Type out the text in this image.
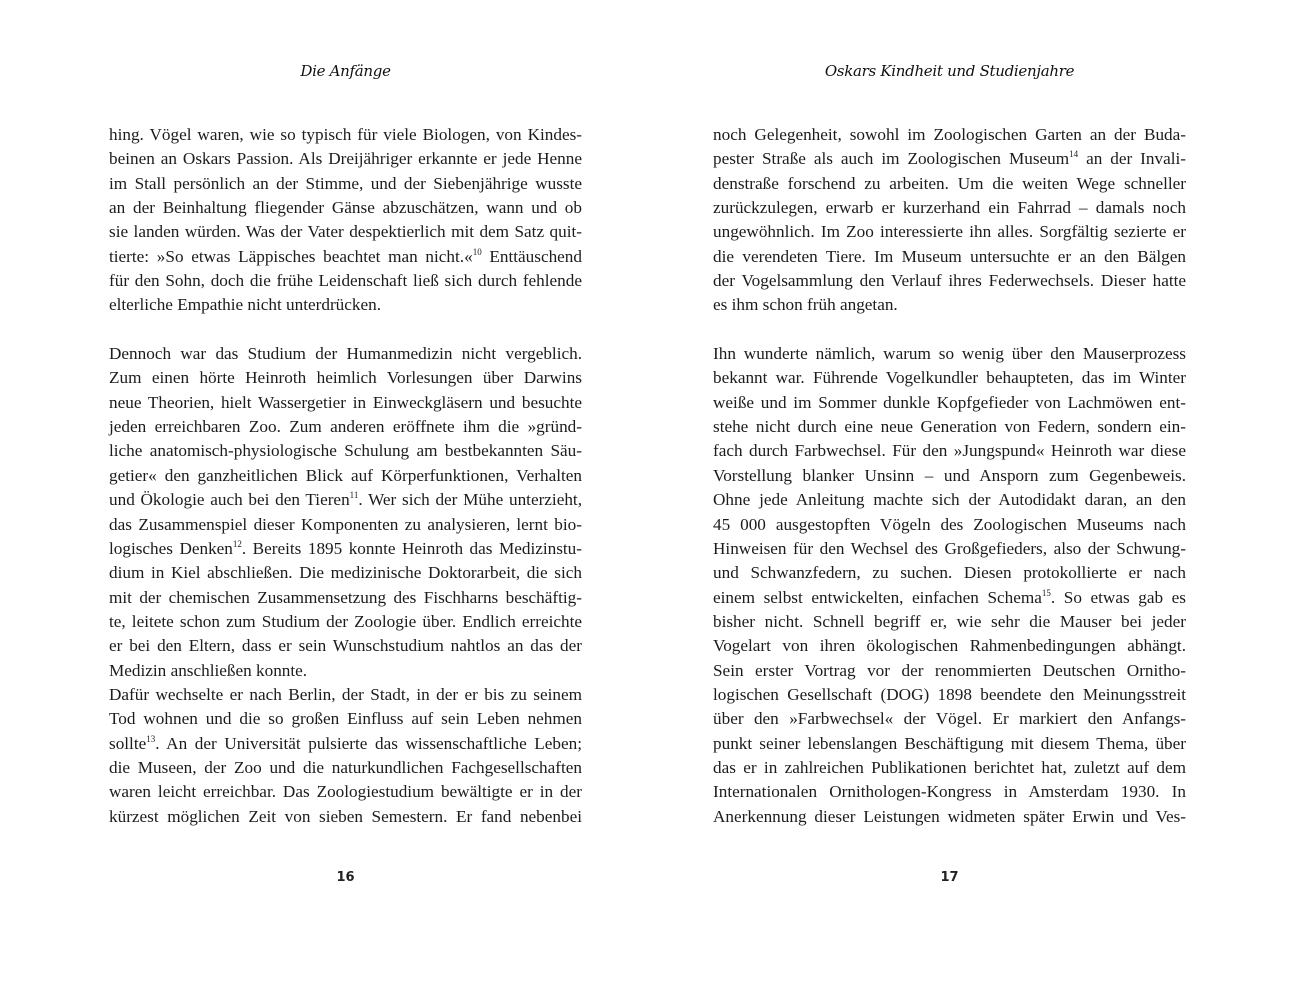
Die Anfänge
hing. Vögel waren, wie so typisch für viele Biologen, von Kindes-
beinen an Oskars Passion. Als Dreijähriger erkannte er jede Henne
im Stall persönlich an der Stimme, und der Siebenjährige wusste
an der Beinhaltung fliegender Gänse abzuschätzen, wann und ob
sie landen würden. Was der Vater despektierlich mit dem Satz quit-
tierte: »So etwas Läppisches beachtet man nicht.«$^{10}$ Enttäuschend
für den Sohn, doch die frühe Leidenschaft ließ sich durch fehlende
elterliche Empathie nicht unterdrücken.
Dennoch war das Studium der Humanmedizin nicht vergeblich.
Zum einen hörte Heinroth heimlich Vorlesungen über Darwins
neue Theorien, hielt Wassergetier in Einweckgläsern und besuchte
jeden erreichbaren Zoo. Zum anderen eröffnete ihm die »gründ-
liche anatomisch-physiologische Schulung am bestbekannten Säu-
getier« den ganzheitlichen Blick auf Körperfunktionen, Verhalten
und Ökologie auch bei den Tieren$^{11}$. Wer sich der Mühe unterzieht,
das Zusammenspiel dieser Komponenten zu analysieren, lernt bio-
logisches Denken$^{12}$. Bereits 1895 konnte Heinroth das Medizinstu-
dium in Kiel abschließen. Die medizinische Doktorarbeit, die sich
mit der chemischen Zusammensetzung des Fischharns beschäftig-
te, leitete schon zum Studium der Zoologie über. Endlich erreichte
er bei den Eltern, dass er sein Wunschstudium nahtlos an das der
Medizin anschließen konnte.
Dafür wechselte er nach Berlin, der Stadt, in der er bis zu seinem
Tod wohnen und die so großen Einfluss auf sein Leben nehmen
sollte$^{13}$. An der Universität pulsierte das wissenschaftliche Leben;
die Museen, der Zoo und die naturkundlichen Fachgesellschaften
waren leicht erreichbar. Das Zoologiestudium bewältigte er in der
kürzest möglichen Zeit von sieben Semestern. Er fand nebenbei
16
Oskars Kindheit und Studienjahre
noch Gelegenheit, sowohl im Zoologischen Garten an der Buda-
pester Straße als auch im Zoologischen Museum$^{14}$ an der Invali-
denstraße forschend zu arbeiten. Um die weiten Wege schneller
zurückzulegen, erwarb er kurzerhand ein Fahrrad – damals noch
ungewöhnlich. Im Zoo interessierte ihn alles. Sorgfältig sezierte er
die verendeten Tiere. Im Museum untersuchte er an den Bälgen
der Vogelsammlung den Verlauf ihres Federwechsels. Dieser hatte
es ihm schon früh angetan.
Ihn wunderte nämlich, warum so wenig über den Mauserprozess
bekannt war. Führende Vogelkundler behaupteten, das im Winter
weiße und im Sommer dunkle Kopfgefieder von Lachmöwen ent-
stehe nicht durch eine neue Generation von Federn, sondern ein-
fach durch Farbwechsel. Für den »Jungspund« Heinroth war diese
Vorstellung blanker Unsinn – und Ansporn zum Gegenbeweis.
Ohne jede Anleitung machte sich der Autodidakt daran, an den
45 000 ausgestopften Vögeln des Zoologischen Museums nach
Hinweisen für den Wechsel des Großgefieders, also der Schwung-
und Schwanzfedern, zu suchen. Diesen protokollierte er nach
einem selbst entwickelten, einfachen Schema$^{15}$. So etwas gab es
bisher nicht. Schnell begriff er, wie sehr die Mauser bei jeder
Vogelart von ihren ökologischen Rahmenbedingungen abhängt.
Sein erster Vortrag vor der renommierten Deutschen Ornitho-
logischen Gesellschaft (DOG) 1898 beendete den Meinungsstreit
über den »Farbwechsel« der Vögel. Er markiert den Anfangs-
punkt seiner lebenslangen Beschäftigung mit diesem Thema, über
das er in zahlreichen Publikationen berichtet hat, zuletzt auf dem
Internationalen Ornithologen-Kongress in Amsterdam 1930. In
Anerkennung dieser Leistungen widmeten später Erwin und Ves-
17
